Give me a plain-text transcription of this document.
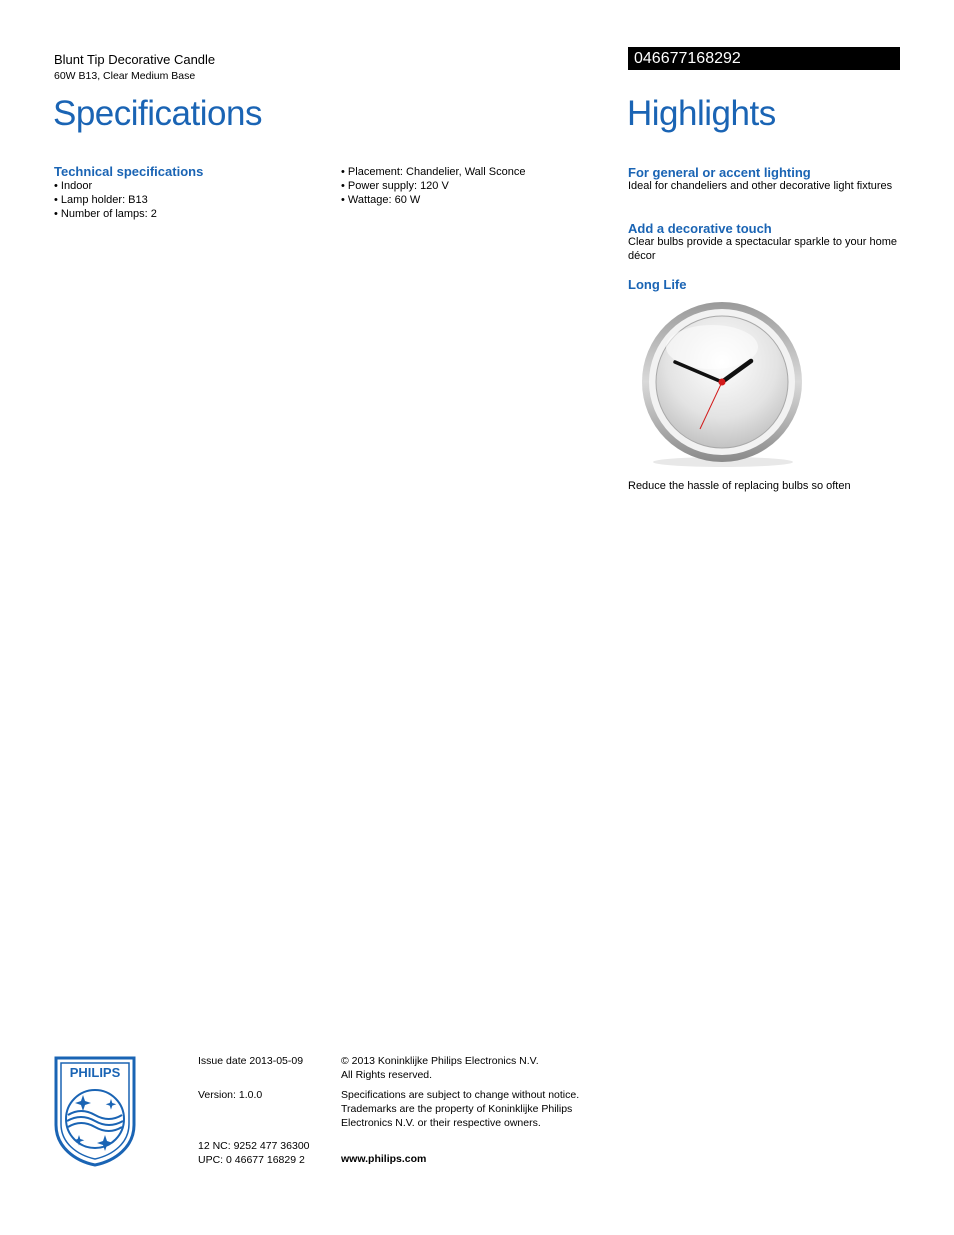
Blunt Tip Decorative Candle
60W B13, Clear Medium Base
046677168292
Specifications	Highlights
Technical specifications
• Indoor
• Lamp holder: B13
• Number of lamps: 2
• Placement: Chandelier, Wall Sconce
• Power supply: 120 V
• Wattage: 60 W
For general or accent lighting
Ideal for chandeliers and other decorative light fixtures
Add a decorative touch
Clear bulbs provide a spectacular sparkle to your home décor
Long Life
Reduce the hassle of replacing bulbs so often
PHILIPS
Issue date 2013-05-09
Version: 1.0.0
12 NC: 9252 477 36300
UPC: 0 46677 16829 2
© 2013 Koninklijke Philips Electronics N.V.
All Rights reserved.
Specifications are subject to change without notice.
Trademarks are the property of Koninklijke Philips
Electronics N.V. or their respective owners.
www.philips.com
